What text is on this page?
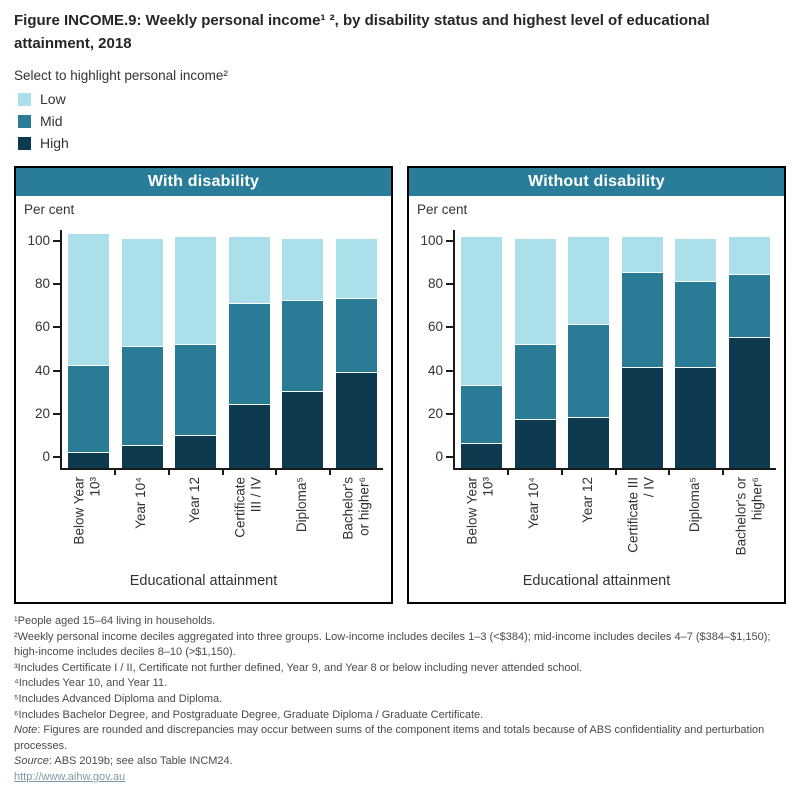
Figure INCOME.9: Weekly personal income¹ ², by disability status and highest level of educational attainment, 2018
Select to highlight personal income²
Low
Mid
High
With disability
Per cent
0
20
40
60
80
100
Below Year
10³ Year 10⁴	Year 12 Certificate
III / IV Diploma⁵ Bachelor's
or higher⁶
Educational attainment
Without disability
Per cent
0
20
40
60
80
100
Below Year
10³ Year 10⁴	Year 12 Certificate III
/ IV Diploma⁵ Bachelor's or
higher⁶
Educational attainment
¹People aged 15–64 living in households.
²Weekly personal income deciles aggregated into three groups. Low-income includes deciles 1–3 (<$384); mid-income includes deciles 4–7 ($384–$1,150); high-income includes deciles 8–10 (>$1,150).
³Includes Certificate I / II, Certificate not further defined, Year 9, and Year 8 or below including never attended school.
⁴Includes Year 10, and Year 11.
⁵Includes Advanced Diploma and Diploma.
⁶Includes Bachelor Degree, and Postgraduate Degree, Graduate Diploma / Graduate Certificate.
Note: Figures are rounded and discrepancies may occur between sums of the component items and totals because of ABS confidentiality and perturbation processes.
Source: ABS 2019b; see also Table INCM24.
http://www.aihw.gov.au
